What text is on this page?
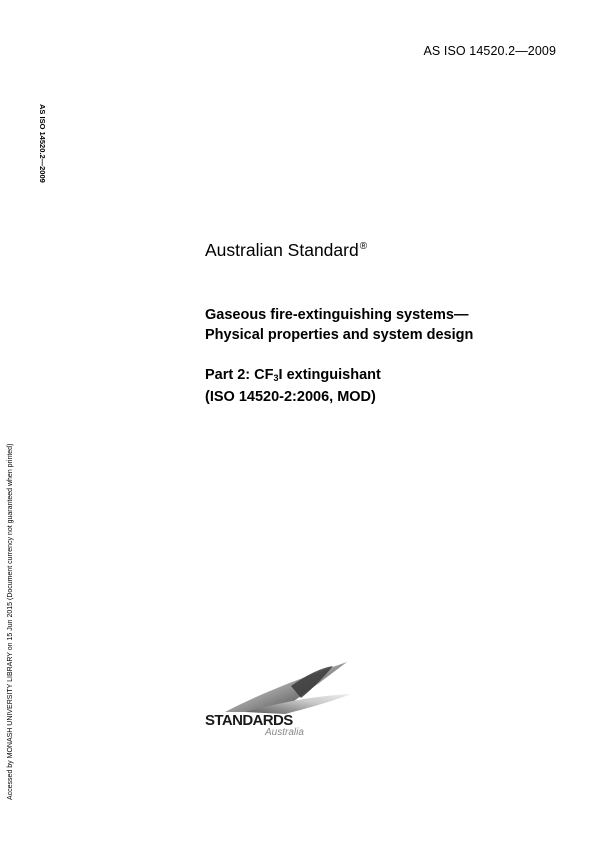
AS ISO 14520.2—2009
AS ISO 14520.2—2009
Accessed by MONASH UNIVERSITY LIBRARY on 15 Jun 2015 (Document currency not guaranteed when printed)
Australian Standard®
Gaseous fire-extinguishing systems—
Physical properties and system design
Part 2: $CF_3I$ extinguishant
(ISO 14520-2:2006, MOD)
STANDARDS
Australia
